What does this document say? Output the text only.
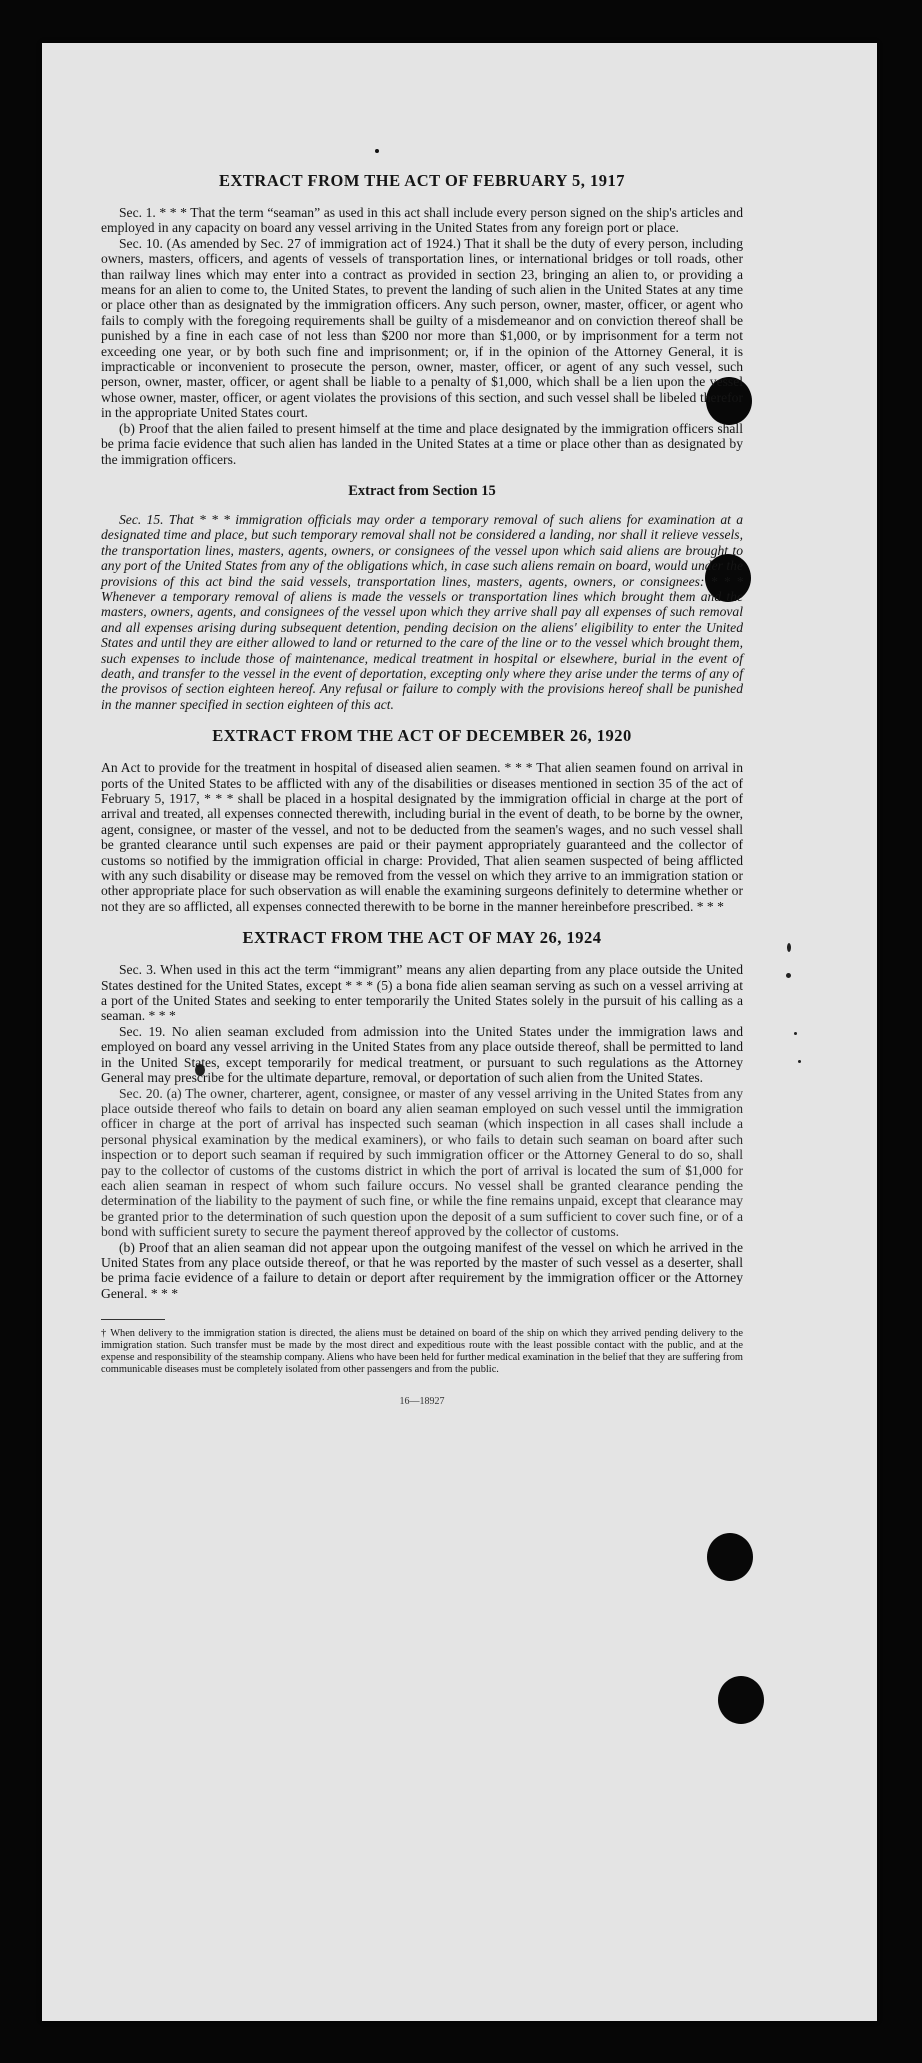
EXTRACT FROM THE ACT OF FEBRUARY 5, 1917

Sec. 1. * * * That the term “seaman” as used in this act shall include every person signed on the ship's articles and employed in any capacity on board any vessel arriving in the United States from any foreign port or place.

Sec. 10. (As amended by Sec. 27 of immigration act of 1924.) That it shall be the duty of every person, including owners, masters, officers, and agents of vessels of transportation lines, or international bridges or toll roads, other than railway lines which may enter into a contract as provided in section 23, bringing an alien to, or providing a means for an alien to come to, the United States, to prevent the landing of such alien in the United States at any time or place other than as designated by the immigration officers. Any such person, owner, master, officer, or agent who fails to comply with the foregoing requirements shall be guilty of a misdemeanor and on conviction thereof shall be punished by a fine in each case of not less than $200 nor more than $1,000, or by imprisonment for a term not exceeding one year, or by both such fine and imprisonment; or, if in the opinion of the Attorney General, it is impracticable or inconvenient to prosecute the person, owner, master, officer, or agent of any such vessel, such person, owner, master, officer, or agent shall be liable to a penalty of $1,000, which shall be a lien upon the vessel whose owner, master, officer, or agent violates the provisions of this section, and such vessel shall be libeled therefor in the appropriate United States court.

(b) Proof that the alien failed to present himself at the time and place designated by the immigration officers shall be prima facie evidence that such alien has landed in the United States at a time or place other than as designated by the immigration officers.

Extract from Section 15

Sec. 15. That * * * immigration officials may order a temporary removal of such aliens for examination at a designated time and place, but such temporary removal shall not be considered a landing, nor shall it relieve vessels, the transportation lines, masters, agents, owners, or consignees of the vessel upon which said aliens are brought to any port of the United States from any of the obligations which, in case such aliens remain on board, would under the provisions of this act bind the said vessels, transportation lines, masters, agents, owners, or consignees: * * * Whenever a temporary removal of aliens is made the vessels or transportation lines which brought them and the masters, owners, agents, and consignees of the vessel upon which they arrive shall pay all expenses of such removal and all expenses arising during subsequent detention, pending decision on the aliens' eligibility to enter the United States and until they are either allowed to land or returned to the care of the line or to the vessel which brought them, such expenses to include those of maintenance, medical treatment in hospital or elsewhere, burial in the event of death, and transfer to the vessel in the event of deportation, excepting only where they arise under the terms of any of the provisos of section eighteen hereof. Any refusal or failure to comply with the provisions hereof shall be punished in the manner specified in section eighteen of this act.

EXTRACT FROM THE ACT OF DECEMBER 26, 1920

An Act to provide for the treatment in hospital of diseased alien seamen. * * * That alien seamen found on arrival in ports of the United States to be afflicted with any of the disabilities or diseases mentioned in section 35 of the act of February 5, 1917, * * * shall be placed in a hospital designated by the immigration official in charge at the port of arrival and treated, all expenses connected therewith, including burial in the event of death, to be borne by the owner, agent, consignee, or master of the vessel, and not to be deducted from the seamen's wages, and no such vessel shall be granted clearance until such expenses are paid or their payment appropriately guaranteed and the collector of customs so notified by the immigration official in charge: Provided, That alien seamen suspected of being afflicted with any such disability or disease may be removed from the vessel on which they arrive to an immigration station or other appropriate place for such observation as will enable the examining surgeons definitely to determine whether or not they are so afflicted, all expenses connected therewith to be borne in the manner hereinbefore prescribed. * * *

EXTRACT FROM THE ACT OF MAY 26, 1924

Sec. 3. When used in this act the term “immigrant” means any alien departing from any place outside the United States destined for the United States, except * * * (5) a bona fide alien seaman serving as such on a vessel arriving at a port of the United States and seeking to enter temporarily the United States solely in the pursuit of his calling as a seaman. * * *

Sec. 19. No alien seaman excluded from admission into the United States under the immigration laws and employed on board any vessel arriving in the United States from any place outside thereof, shall be permitted to land in the United States, except temporarily for medical treatment, or pursuant to such regulations as the Attorney General may prescribe for the ultimate departure, removal, or deportation of such alien from the United States.

Sec. 20. (a) The owner, charterer, agent, consignee, or master of any vessel arriving in the United States from any place outside thereof who fails to detain on board any alien seaman employed on such vessel until the immigration officer in charge at the port of arrival has inspected such seaman (which inspection in all cases shall include a personal physical examination by the medical examiners), or who fails to detain such seaman on board after such inspection or to deport such seaman if required by such immigration officer or the Attorney General to do so, shall pay to the collector of customs of the customs district in which the port of arrival is located the sum of $1,000 for each alien seaman in respect of whom such failure occurs. No vessel shall be granted clearance pending the determination of the liability to the payment of such fine, or while the fine remains unpaid, except that clearance may be granted prior to the determination of such question upon the deposit of a sum sufficient to cover such fine, or of a bond with sufficient surety to secure the payment thereof approved by the collector of customs.

(b) Proof that an alien seaman did not appear upon the outgoing manifest of the vessel on which he arrived in the United States from any place outside thereof, or that he was reported by the master of such vessel as a deserter, shall be prima facie evidence of a failure to detain or deport after requirement by the immigration officer or the Attorney General. * * *

† When delivery to the immigration station is directed, the aliens must be detained on board of the ship on which they arrived pending delivery to the immigration station. Such transfer must be made by the most direct and expeditious route with the least possible contact with the public, and at the expense and responsibility of the steamship company. Aliens who have been held for further medical examination in the belief that they are suffering from communicable diseases must be completely isolated from other passengers and from the public.

16—18927
